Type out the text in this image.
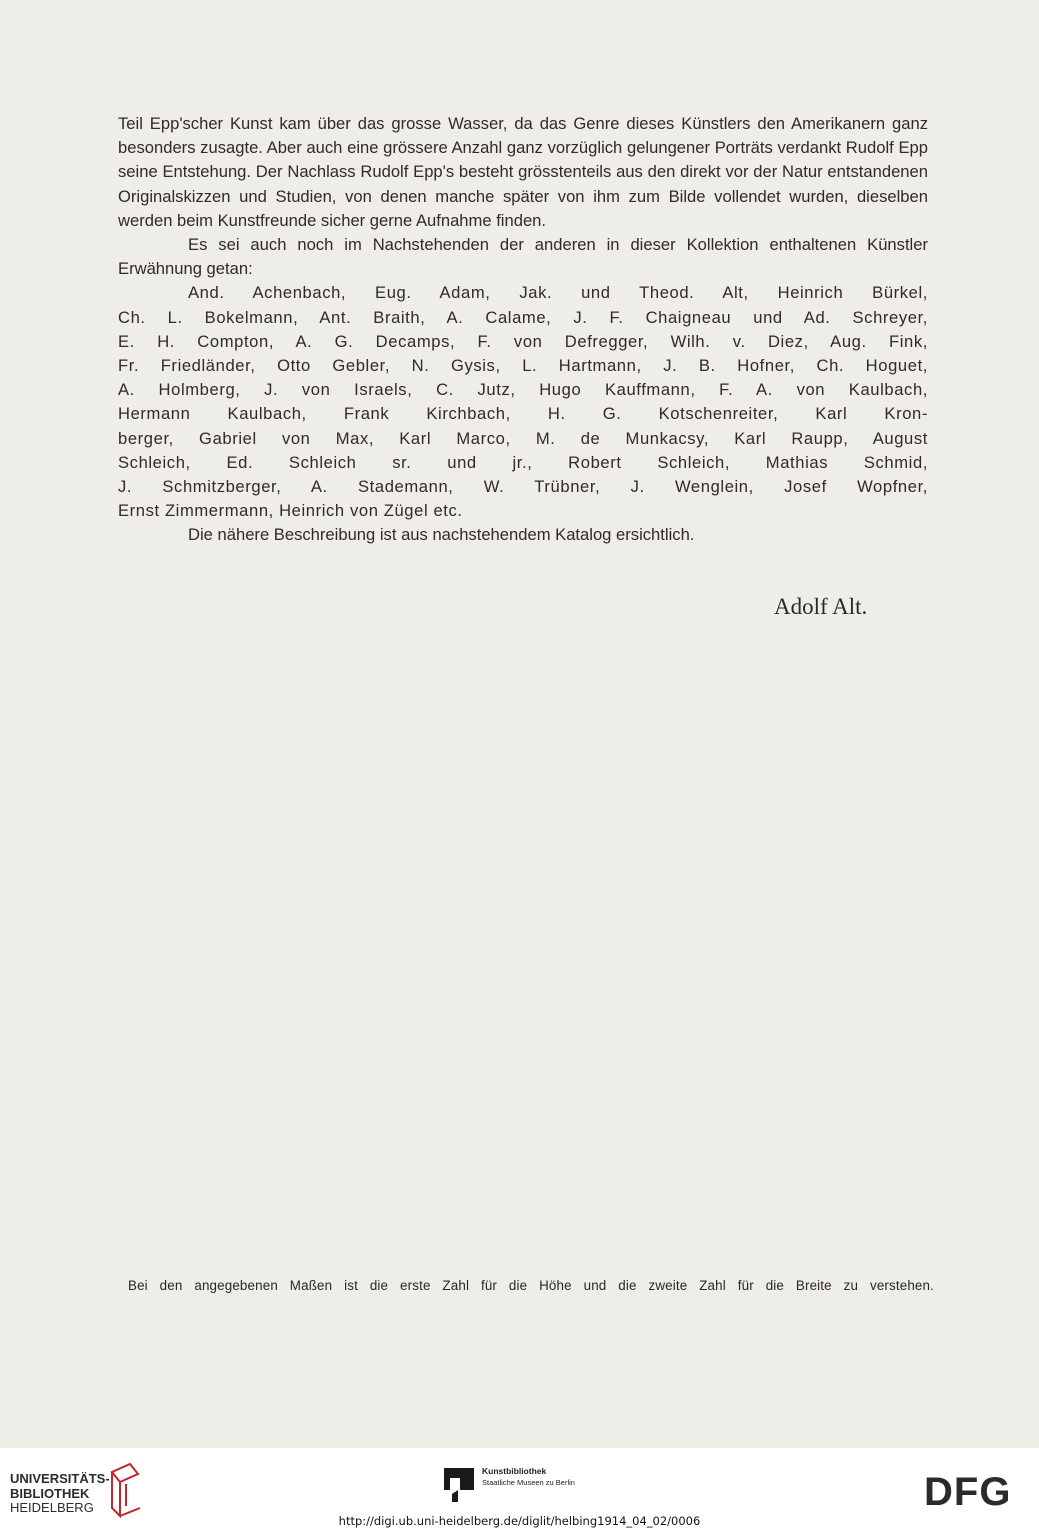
Teil Epp'scher Kunst kam über das grosse Wasser, da das Genre dieses Künstlers den Amerikanern ganz besonders zusagte. Aber auch eine grössere Anzahl ganz vorzüglich gelungener Porträts verdankt Rudolf Epp seine Entstehung. Der Nachlass Rudolf Epp's besteht grösstenteils aus den direkt vor der Natur entstandenen Originalskizzen und Studien, von denen manche später von ihm zum Bilde vollendet wurden, dieselben werden beim Kunstfreunde sicher gerne Aufnahme finden.

Es sei auch noch im Nachstehenden der anderen in dieser Kollektion enthaltenen Künstler Erwähnung getan:

And. Achenbach, Eug. Adam, Jak. und Theod. Alt, Heinrich Bürkel,
Ch. L. Bokelmann, Ant. Braith, A. Calame, J. F. Chaigneau und Ad. Schreyer,
E. H. Compton, A. G. Decamps, F. von Defregger, Wilh. v. Diez, Aug. Fink,
Fr. Friedländer, Otto Gebler, N. Gysis, L. Hartmann, J. B. Hofner, Ch. Hoguet,
A. Holmberg, J. von Israels, C. Jutz, Hugo Kauffmann, F. A. von Kaulbach,
Hermann Kaulbach, Frank Kirchbach, H. G. Kotschenreiter, Karl Kron-
berger, Gabriel von Max, Karl Marco, M. de Munkacsy, Karl Raupp, August
Schleich, Ed. Schleich sr. und jr., Robert Schleich, Mathias Schmid,
J. Schmitzberger, A. Stademann, W. Trübner, J. Wenglein, Josef Wopfner,
Ernst Zimmermann, Heinrich von Zügel etc.

Die nähere Beschreibung ist aus nachstehendem Katalog ersichtlich.

Adolf Alt.
Bei den angegebenen Maßen ist die erste Zahl für die Höhe und die zweite Zahl für die Breite zu verstehen.
UNIVERSITÄTS-
BIBLIOTHEK
HEIDELBERG
Kunstbibliothek
Staatliche Museen zu Berlin	DFG
http://digi.ub.uni-heidelberg.de/diglit/helbing1914_04_02/0006
